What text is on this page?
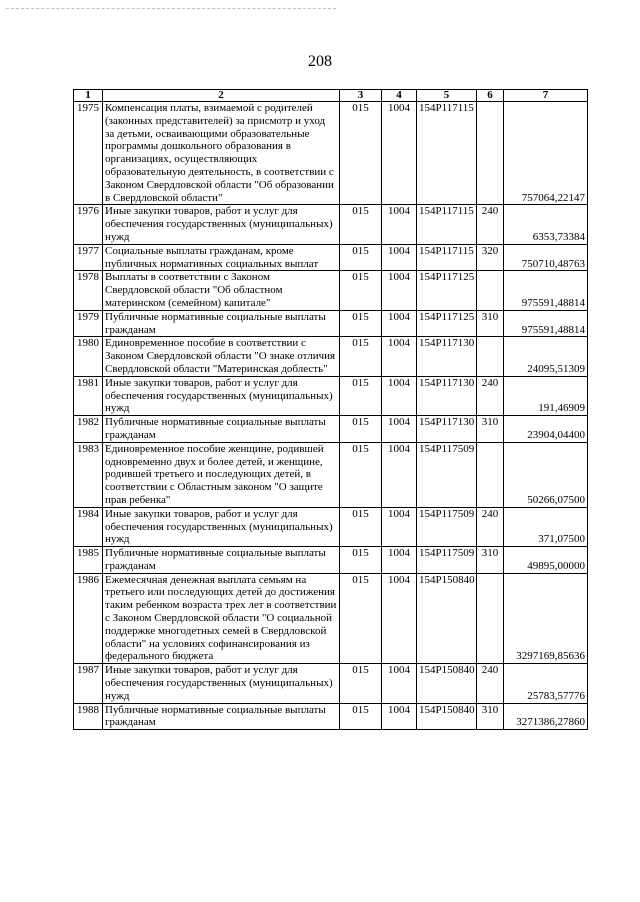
208
1	2	3	4	5	6	7
1975	Компенсация платы, взимаемой с родителей (законных представителей) за присмотр и уход за детьми, осваивающими образовательные программы дошкольного образования в организациях, осуществляющих образовательную деятельность, в соответствии с Законом Свердловской области "Об образовании в Свердловской области"	015	1004	154P117115		757064,22147
1976	Иные закупки товаров, работ и услуг для обеспечения государственных (муниципальных) нужд	015	1004	154P117115	240	6353,73384
1977	Социальные выплаты гражданам, кроме публичных нормативных социальных выплат	015	1004	154P117115	320	750710,48763
1978	Выплаты в соответствии с Законом Свердловской области "Об областном материнском (семейном) капитале"	015	1004	154P117125		975591,48814
1979	Публичные нормативные социальные выплаты гражданам	015	1004	154P117125	310	975591,48814
1980	Единовременное пособие в соответствии с Законом Свердловской области "О знаке отличия Свердловской области "Материнская доблесть"	015	1004	154P117130		24095,51309
1981	Иные закупки товаров, работ и услуг для обеспечения государственных (муниципальных) нужд	015	1004	154P117130	240	191,46909
1982	Публичные нормативные социальные выплаты гражданам	015	1004	154P117130	310	23904,04400
1983	Единовременное пособие женщине, родившей одновременно двух и более детей, и женщине, родившей третьего и последующих детей, в соответствии с Областным законом "О защите прав ребенка"	015	1004	154P117509		50266,07500
1984	Иные закупки товаров, работ и услуг для обеспечения государственных (муниципальных) нужд	015	1004	154P117509	240	371,07500
1985	Публичные нормативные социальные выплаты гражданам	015	1004	154P117509	310	49895,00000
1986	Ежемесячная денежная выплата семьям на третьего или последующих детей до достижения таким ребенком возраста трех лет в соответствии с Законом Свердловской области "О социальной поддержке многодетных семей в Свердловской области" на условиях софинансирования из федерального бюджета	015	1004	154P150840		3297169,85636
1987	Иные закупки товаров, работ и услуг для обеспечения государственных (муниципальных) нужд	015	1004	154P150840	240	25783,57776
1988	Публичные нормативные социальные выплаты гражданам	015	1004	154P150840	310	3271386,27860
